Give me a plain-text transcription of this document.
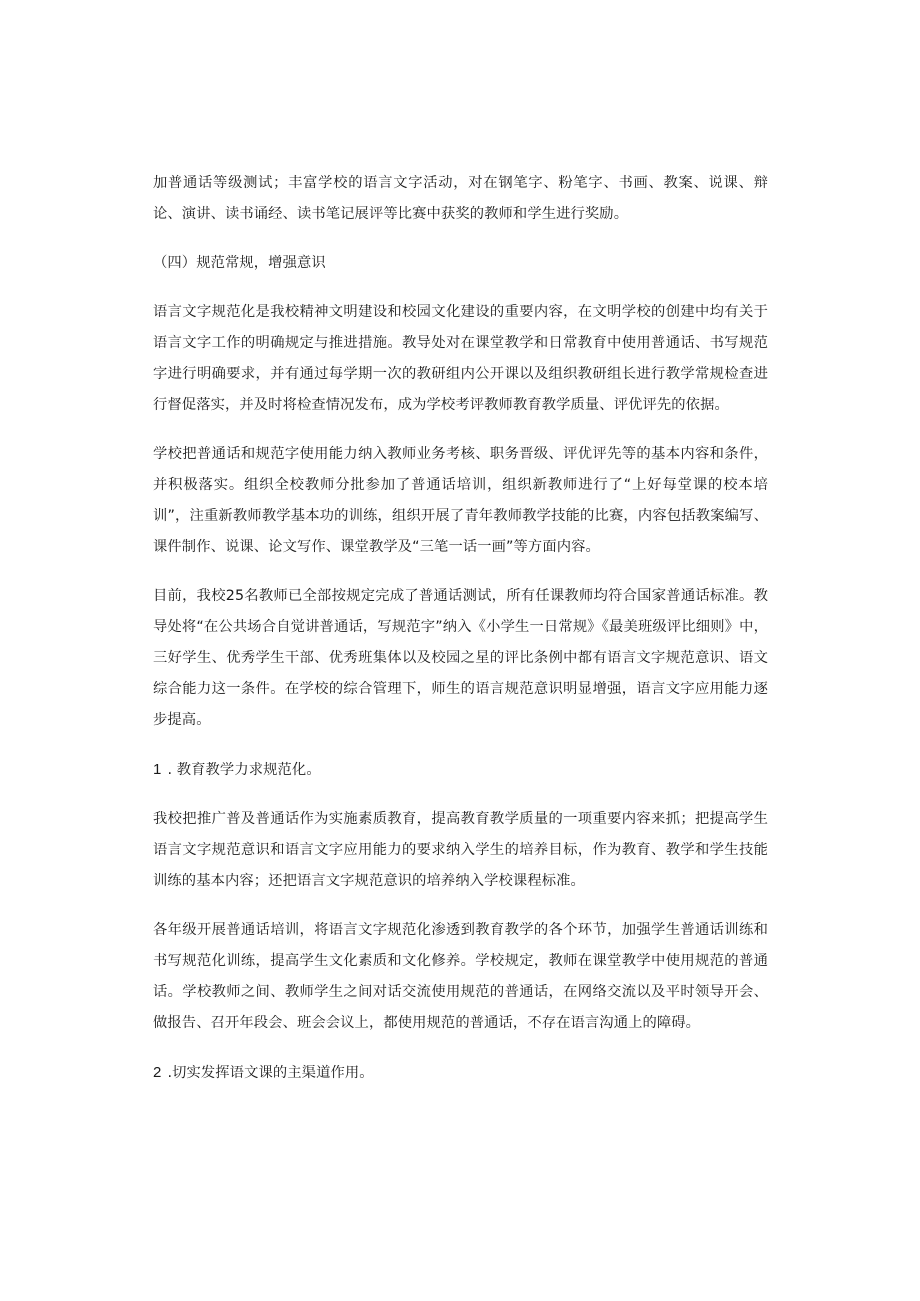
加普通话等级测试；丰富学校的语言文字活动，对在钢笔字、粉笔字、书画、教案、说课、辩论、演讲、读书诵经、读书笔记展评等比赛中获奖的教师和学生进行奖励。

（四）规范常规，增强意识

语言文字规范化是我校精神文明建设和校园文化建设的重要内容，在文明学校的创建中均有关于语言文字工作的明确规定与推进措施。教导处对在课堂教学和日常教育中使用普通话、书写规范字进行明确要求，并有通过每学期一次的教研组内公开课以及组织教研组长进行教学常规检查进行督促落实，并及时将检查情况发布，成为学校考评教师教育教学质量、评优评先的依据。

学校把普通话和规范字使用能力纳入教师业务考核、职务晋级、评优评先等的基本内容和条件，并积极落实。组织全校教师分批参加了普通话培训，组织新教师进行了“上好每堂课的校本培训”，注重新教师教学基本功的训练，组织开展了青年教师教学技能的比赛，内容包括教案编写、课件制作、说课、论文写作、课堂教学及“三笔一话一画”等方面内容。

目前，我校25名教师已全部按规定完成了普通话测试，所有任课教师均符合国家普通话标准。教导处将“在公共场合自觉讲普通话，写规范字”纳入《小学生一日常规》《最美班级评比细则》中，三好学生、优秀学生干部、优秀班集体以及校园之星的评比条例中都有语言文字规范意识、语文综合能力这一条件。在学校的综合管理下，师生的语言规范意识明显增强，语言文字应用能力逐步提高。

1 . 教育教学力求规范化。

我校把推广普及普通话作为实施素质教育，提高教育教学质量的一项重要内容来抓；把提高学生语言文字规范意识和语言文字应用能力的要求纳入学生的培养目标，作为教育、教学和学生技能训练的基本内容；还把语言文字规范意识的培养纳入学校课程标准。

各年级开展普通话培训，将语言文字规范化渗透到教育教学的各个环节，加强学生普通话训练和书写规范化训练，提高学生文化素质和文化修养。学校规定，教师在课堂教学中使用规范的普通话。学校教师之间、教师学生之间对话交流使用规范的普通话，在网络交流以及平时领导开会、做报告、召开年段会、班会会议上，都使用规范的普通话，不存在语言沟通上的障碍。

2 .切实发挥语文课的主渠道作用。
